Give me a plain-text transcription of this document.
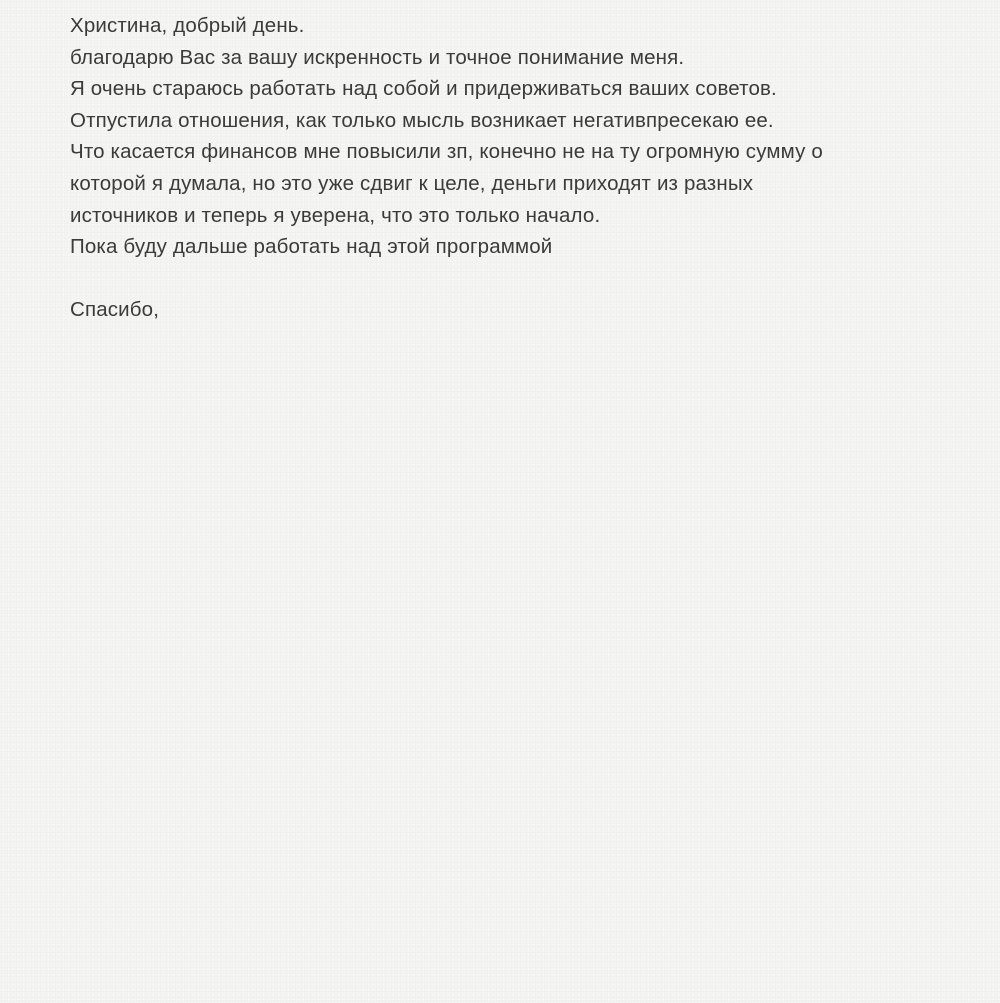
Христина, добрый день.
благодарю Вас за вашу искренность и точное понимание меня.
Я очень стараюсь работать над собой и придерживаться ваших советов.
Отпустила отношения, как только мысль возникает негативпресекаю ее.
Что касается финансов мне повысили зп, конечно не на ту огромную сумму о
которой я думала, но это уже сдвиг к целе, деньги приходят из разных
источников и теперь я уверена, что это только начало.
Пока буду дальше работать над этой программой
Спасибо,
